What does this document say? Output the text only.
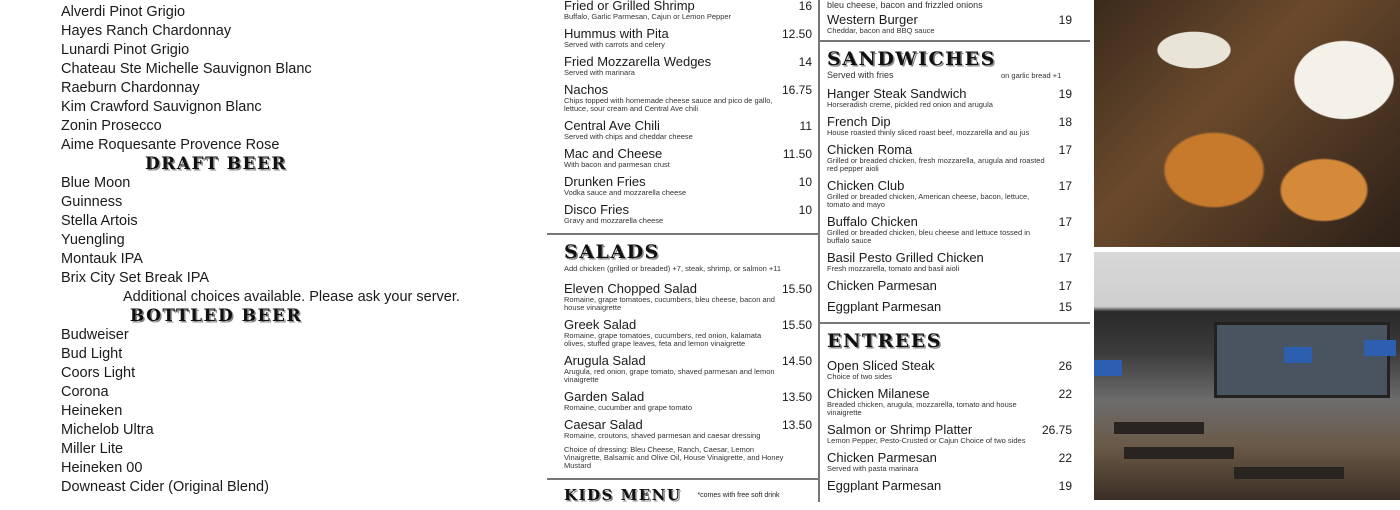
Alverdi Pinot Grigio
Hayes Ranch Chardonnay
Lunardi Pinot Grigio
Chateau Ste Michelle Sauvignon Blanc
Raeburn Chardonnay
Kim Crawford Sauvignon Blanc
Zonin Prosecco
Aime Roquesante Provence Rose
DRAFT BEER
Blue Moon
Guinness
Stella Artois
Yuengling
Montauk IPA
Brix City Set Break IPA
Additional choices available. Please ask your server.
BOTTLED BEER
Budweiser
Bud Light
Coors Light
Corona
Heineken
Michelob Ultra
Miller Lite
Heineken 00
Downeast Cider (Original Blend)
Fried or Grilled Shrimp	16
Buffalo, Garlic Parmesan, Cajun or Lemon Pepper
Hummus with Pita	12.50
Served with carrots and celery
Fried Mozzarella Wedges	14
Served with marinara
Nachos	16.75
Chips topped with homemade cheese sauce and pico de gallo, lettuce, sour cream and Central Ave chili
Central Ave Chili	11
Served with chips and cheddar cheese
Mac and Cheese	11.50
With bacon and parmesan crust
Drunken Fries	10
Vodka sauce and mozzarella cheese
Disco Fries	10
Gravy and mozzarella cheese
SALADS
Add chicken (grilled or breaded) +7, steak, shrimp, or salmon +11
Eleven Chopped Salad	15.50
Romaine, grape tomatoes, cucumbers, bleu cheese, bacon and house vinaigrette
Greek Salad	15.50
Romaine, grape tomatoes, cucumbers, red onion, kalamata olives, stuffed grape leaves, feta and lemon vinaigrette
Arugula Salad	14.50
Arugula, red onion, grape tomato, shaved parmesan and lemon vinaigrette
Garden Salad	13.50
Romaine, cucumber and grape tomato
Caesar Salad	13.50
Romaine, croutons, shaved parmesan and caesar dressing
Choice of dressing: Bleu Cheese, Ranch, Caesar, Lemon Vinaigrette, Balsamic and Olive Oil, House Vinaigrette, and Honey Mustard
KIDS MENU *comes with free soft drink
bleu cheese, bacon and frizzled onions
Western Burger	19
Cheddar, bacon and BBQ sauce
SANDWICHES
Served with fries	on garlic bread +1
Hanger Steak Sandwich	19
Horseradish creme, pickled red onion and arugula
French Dip	18
House roasted thinly sliced roast beef, mozzarella and au jus
Chicken Roma	17
Grilled or breaded chicken, fresh mozzarella, arugula and roasted red pepper aioli
Chicken Club	17
Grilled or breaded chicken, American cheese, bacon, lettuce, tomato and mayo
Buffalo Chicken	17
Grilled or breaded chicken, bleu cheese and lettuce tossed in buffalo sauce
Basil Pesto Grilled Chicken	17
Fresh mozzarella, tomato and basil aioli
Chicken Parmesan	17
Eggplant Parmesan	15
ENTREES
Open Sliced Steak	26
Choice of two sides
Chicken Milanese	22
Breaded chicken, arugula, mozzarella, tomato and house vinaigrette
Salmon or Shrimp Platter	26.75
Lemon Pepper, Pesto-Crusted or Cajun Choice of two sides
Chicken Parmesan	22
Served with pasta marinara
Eggplant Parmesan	19
